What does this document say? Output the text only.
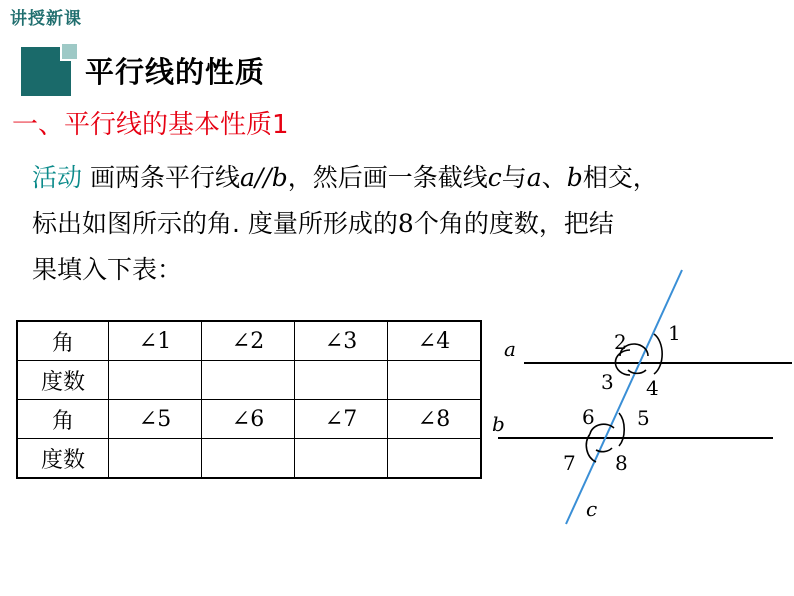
讲授新课
平行线的性质
一、平行线的基本性质1
活动 画两条平行线a//b，然后画一条截线c与a、b相交，
标出如图所示的角. 度量所形成的8个角的度数，把结
果填入下表：
角	∠1	∠2	∠3	∠4
度数				
角	∠5	∠6	∠7	∠8
度数				
a
b
c
1
2
3 4
5
6
7 8
